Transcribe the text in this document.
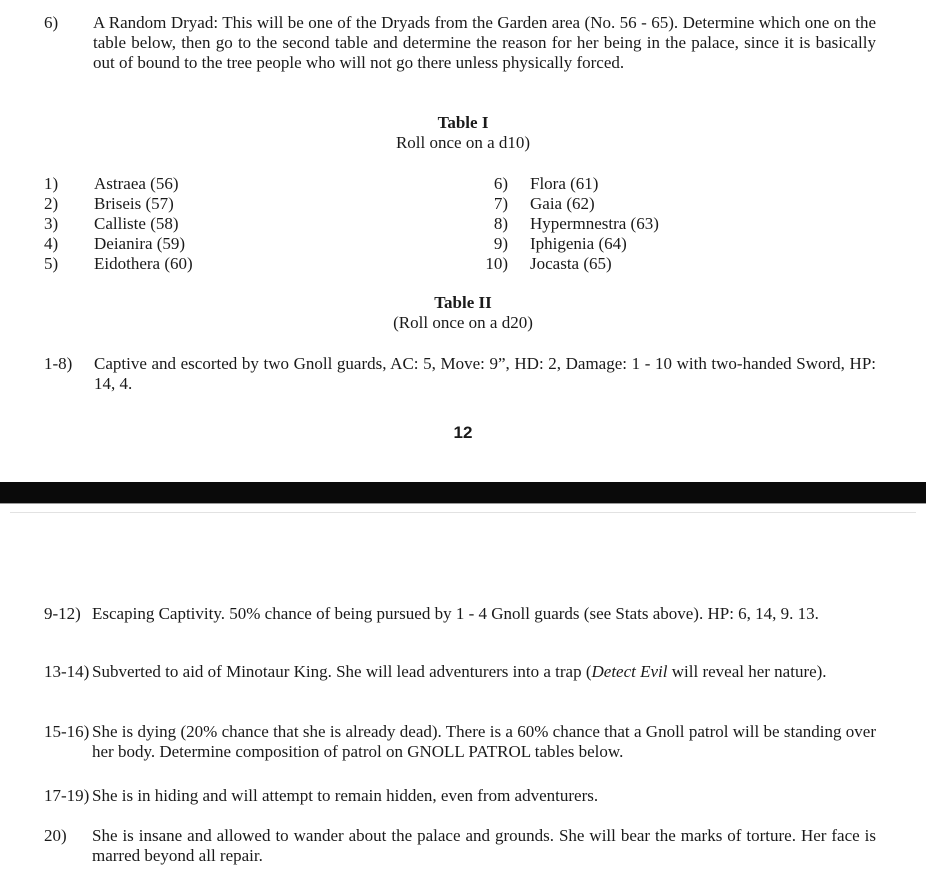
6) A Random Dryad: This will be one of the Dryads from the Garden area (No. 56 - 65). Determine which one on the table below, then go to the second table and determine the reason for her being in the palace, since it is basically out of bound to the tree people who will not go there unless physically forced.
Table I
Roll once on a d10)
1) Astraea (56)
2) Briseis (57)
3) Calliste (58)
4) Deianira (59)
5) Eidothera (60)
6) Flora (61)
7) Gaia (62)
8) Hypermnestra (63)
9) Iphigenia (64)
10) Jocasta (65)
Table II
(Roll once on a d20)
1-8) Captive and escorted by two Gnoll guards, AC: 5, Move: 9”, HD: 2, Damage: 1 - 10 with two-handed Sword, HP: 14, 4.
12
9-12) Escaping Captivity. 50% chance of being pursued by 1 - 4 Gnoll guards (see Stats above). HP: 6, 14, 9. 13.
13-14) Subverted to aid of Minotaur King. She will lead adventurers into a trap (Detect Evil will reveal her nature).
15-16) She is dying (20% chance that she is already dead). There is a 60% chance that a Gnoll patrol will be standing over her body. Determine composition of patrol on GNOLL PATROL tables below.
17-19) She is in hiding and will attempt to remain hidden, even from adventurers.
20) She is insane and allowed to wander about the palace and grounds. She will bear the marks of torture. Her face is marred beyond all repair.
